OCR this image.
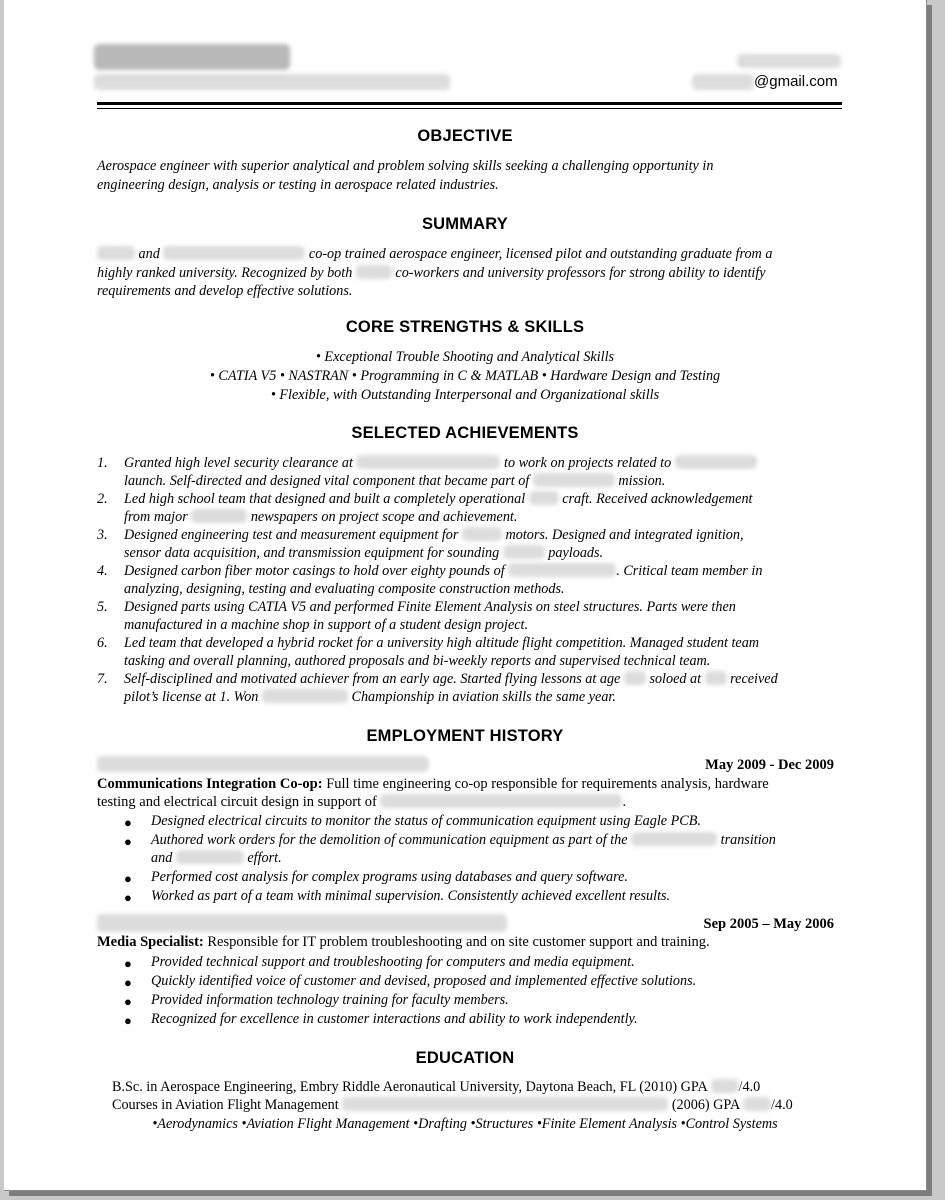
@gmail.com
OBJECTIVE
Aerospace engineer with superior analytical and problem solving skills seeking a challenging opportunity in
engineering design, analysis or testing in aerospace related industries.
SUMMARY
and	co-op trained aerospace engineer, licensed pilot and outstanding graduate from a
highly ranked university. Recognized by both	co-workers and university professors for strong ability to identify
requirements and develop effective solutions.
CORE STRENGTHS & SKILLS
• Exceptional Trouble Shooting and Analytical Skills
• CATIA V5 • NASTRAN • Programming in C & MATLAB • Hardware Design and Testing
• Flexible, with Outstanding Interpersonal and Organizational skills
SELECTED ACHIEVEMENTS
1. Granted high level security clearance at	to work on projects related to
launch. Self-directed and designed vital component that became part of	mission.
2. Led high school team that designed and built a completely operational	craft. Received acknowledgement
from major	newspapers on project scope and achievement.
3. Designed engineering test and measurement equipment for	motors. Designed and integrated ignition,
sensor data acquisition, and transmission equipment for sounding	payloads.
4. Designed carbon fiber motor casings to hold over eighty pounds of	. Critical team member in
analyzing, designing, testing and evaluating composite construction methods.
5. Designed parts using CATIA V5 and performed Finite Element Analysis on steel structures. Parts were then
manufactured in a machine shop in support of a student design project.
6. Led team that developed a hybrid rocket for a university high altitude flight competition. Managed student team
tasking and overall planning, authored proposals and bi-weekly reports and supervised technical team.
7. Self-disciplined and motivated achiever from an early age. Started flying lessons at age soloed at received
pilot’s license at 1. Won	Championship in aviation skills the same year.
EMPLOYMENT HISTORY
May 2009 - Dec 2009
Communications Integration Co-op: Full time engineering co-op responsible for requirements analysis, hardware
testing and electrical circuit design in support of	.
● Designed electrical circuits to monitor the status of communication equipment using Eagle PCB.
● Authored work orders for the demolition of communication equipment as part of the	transition
and	effort.
● Performed cost analysis for complex programs using databases and query software.
● Worked as part of a team with minimal supervision. Consistently achieved excellent results.
Sep 2005 – May 2006
Media Specialist: Responsible for IT problem troubleshooting and on site customer support and training.
● Provided technical support and troubleshooting for computers and media equipment.
● Quickly identified voice of customer and devised, proposed and implemented effective solutions.
● Provided information technology training for faculty members.
● Recognized for excellence in customer interactions and ability to work independently.
EDUCATION
B.Sc. in Aerospace Engineering, Embry Riddle Aeronautical University, Daytona Beach, FL (2010) GPA /4.0
Courses in Aviation Flight Management	(2006) GPA /4.0
•Aerodynamics •Aviation Flight Management •Drafting •Structures •Finite Element Analysis •Control Systems
